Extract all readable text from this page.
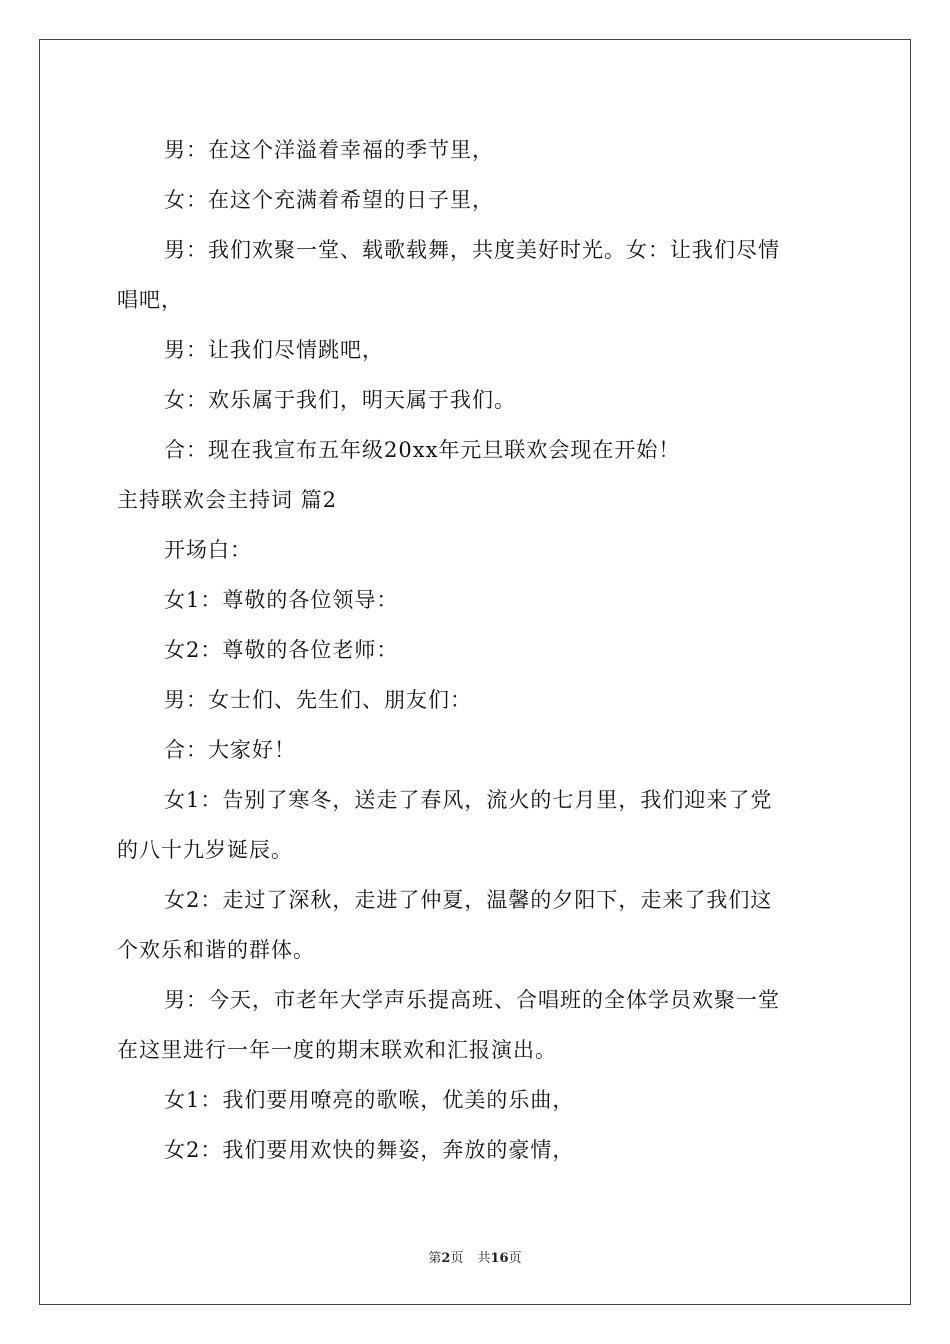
男：在这个洋溢着幸福的季节里，
女：在这个充满着希望的日子里，
男：我们欢聚一堂、载歌载舞，共度美好时光。女：让我们尽情
唱吧，
男：让我们尽情跳吧，
女：欢乐属于我们，明天属于我们。
合：现在我宣布五年级20xx年元旦联欢会现在开始！
主持联欢会主持词 篇2
开场白：
女1：尊敬的各位领导：
女2：尊敬的各位老师：
男：女士们、先生们、朋友们：
合：大家好！
女1：告别了寒冬，送走了春风，流火的七月里，我们迎来了党
的八十九岁诞辰。
女2：走过了深秋，走进了仲夏，温馨的夕阳下，走来了我们这
个欢乐和谐的群体。
男：今天，市老年大学声乐提高班、合唱班的全体学员欢聚一堂
在这里进行一年一度的期末联欢和汇报演出。
女1：我们要用嘹亮的歌喉，优美的乐曲，
女2：我们要用欢快的舞姿，奔放的豪情，
第2页 共16页
